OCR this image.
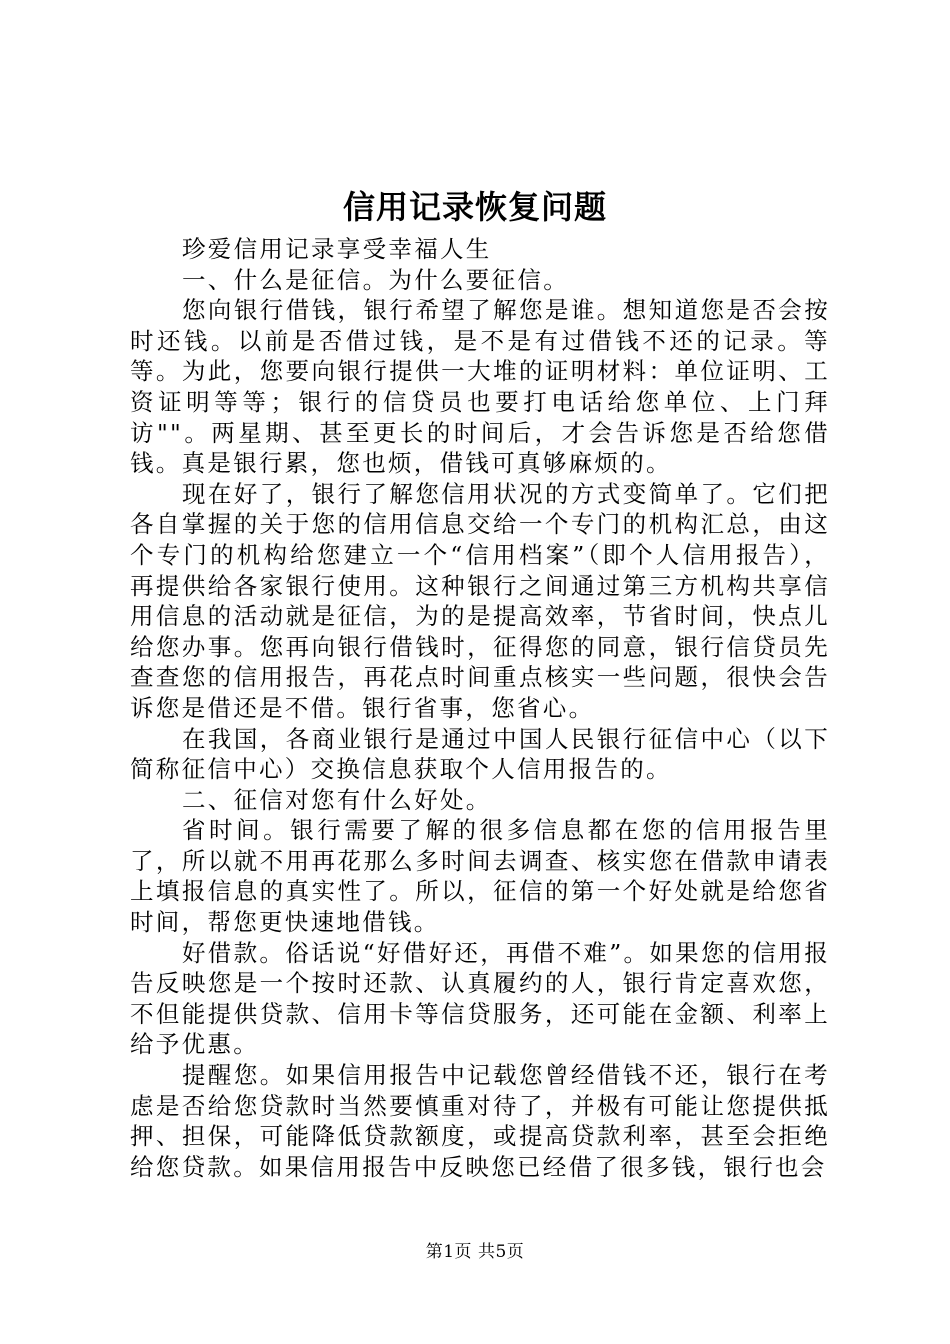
信用记录恢复问题

珍爱信用记录享受幸福人生

一、什么是征信。为什么要征信。

您向银行借钱，银行希望了解您是谁。想知道您是否会按时还钱。以前是否借过钱，是不是有过借钱不还的记录。等等。为此，您要向银行提供一大堆的证明材料：单位证明、工资证明等等；银行的信贷员也要打电话给您单位、上门拜访""。两星期、甚至更长的时间后，才会告诉您是否给您借钱。真是银行累，您也烦，借钱可真够麻烦的。

现在好了，银行了解您信用状况的方式变简单了。它们把各自掌握的关于您的信用信息交给一个专门的机构汇总，由这个专门的机构给您建立一个“信用档案”（即个人信用报告），再提供给各家银行使用。这种银行之间通过第三方机构共享信用信息的活动就是征信，为的是提高效率，节省时间，快点儿给您办事。您再向银行借钱时，征得您的同意，银行信贷员先查查您的信用报告，再花点时间重点核实一些问题，很快会告诉您是借还是不借。银行省事，您省心。

在我国，各商业银行是通过中国人民银行征信中心（以下简称征信中心）交换信息获取个人信用报告的。

二、征信对您有什么好处。

省时间。银行需要了解的很多信息都在您的信用报告里了，所以就不用再花那么多时间去调查、核实您在借款申请表上填报信息的真实性了。所以，征信的第一个好处就是给您省时间，帮您更快速地借钱。

好借款。俗话说“好借好还，再借不难”。如果您的信用报告反映您是一个按时还款、认真履约的人，银行肯定喜欢您，不但能提供贷款、信用卡等信贷服务，还可能在金额、利率上给予优惠。

提醒您。如果信用报告中记载您曾经借钱不还，银行在考虑是否给您贷款时当然要慎重对待了，并极有可能让您提供抵押、担保，可能降低贷款额度，或提高贷款利率，甚至会拒绝给您贷款。如果信用报告中反映您已经借了很多钱，银行也会

第1页 共5页
